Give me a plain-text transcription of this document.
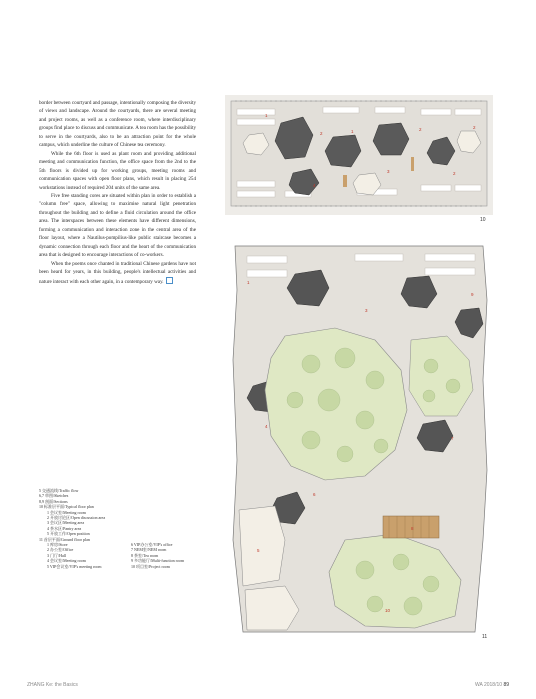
border between courtyard and passage, intentionally composing the diversity of views and landscape. Around the courtyards, there are several meeting and project rooms, as well as a conference room, where interdisciplinary groups find place to discuss and communicate. A tea room has the possibility to serve in the courtyards, also to be an attraction point for the whole campus, which underline the culture of Chinese tea ceremony.

While the 6th floor is used as plant room and providing additional meeting and communication function, the office space from the 2nd to the 5th floors is divided up for working groups, meeting rooms and communication spaces with open floor plans, which result in placing 254 workstations instead of required 204 units of the same area.

Five free standing cores are situated within plan in order to establish a "column free" space, allowing to maximise natural light penetration throughout the building and to define a fluid circulation around the office area. The interspaces between these elements have different dimensions, forming a communication and interaction zone in the central area of the floor layout, where a Nautilus-pompilius-like public staircase becomes a dynamic connection through each floor and the heart of the communication area that is designed to encourage interactions of co-workers.

When the poems once chanted in traditional Chinese gardens have not been heard for years, in this building, people's intellectual activities and nature interact with each other again, in a contemporary way.

5 交通流线/Traffic flow
6,7 草图/Sketches
8,9 剖面/Sections
10 标准层平面/Typical floor plan
1 会议室/Meeting room
2 开放讨论区/Open discussion area
3 会议区/Meeting area
4 茶水区/Pantry area
5 开放工作/Open position
11 首层平面/Ground floor plan
1 库房/Store
2 办公室/Office
3 门厅/Hall
4 会议室/Meeting room
5 VIP会议室/VIP's meeting room
6 VIP办公室/VIP's office
7 NEM室/NEM room
8 茶室/Tea room
9 多功能厅/Multi-function room
10 项目室/Project room
1
2	1	2	2
4
3	2
10
1
3
9
4
7
5
8
10
6
11
ZHANG Ke: the Basics	WA 2018/10 89
